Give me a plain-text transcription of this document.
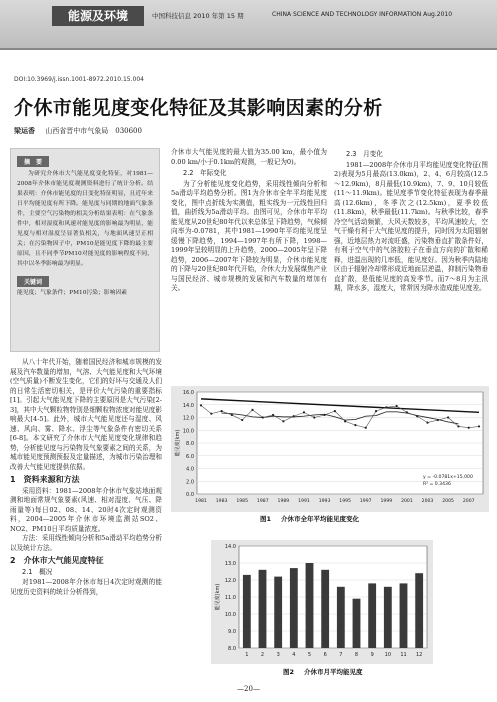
能源及环境	中国科技信息 2010 年第 15 期	CHINA SCIENCE AND TECHNOLOGY INFORMATION Aug.2010
DOI:10.3969/j.issn.1001-8972.2010.15.004
介休市能见度变化特征及其影响因素的分析
梁运香 山西省晋中市气象局　030600
摘　要

为研究介休市大气能见度变化特征，对1981—2008年介休市能见度观测资料进行了统计分析。结果表明：介休市能见度的日变化特征明显，且近年来日平均能见度有所下降。能见度与同期的地面气象条件，主要空气污染物的相关分析结果表明：在气象条件中，相对湿度和风速对能见度的影响最为明显，能见度与相对湿度呈显著负相关，与地面风速呈正相关；在污染物因子中，PM10是能见度下降的最主要原因，且不同季节PM10对能见度的影响程度不同，其中以冬季影响最为明显。

关键词

能见度；气象条件；PM10污染；影响因素

从八十年代开始，随着国民经济和城市规模的发展及汽车数量的增加，气溶、大气能见度和大气环境(空气质量)不断发生变化，它们的好坏与交通及人们的日常生活密切相关，是评价大气污染的重要指标[1]。引起大气能见度下降的主要原因是大气污染[2-3]，其中大气颗粒物特别是细颗粒物浓度对能见度影响最大[4-5]。此外，城市大气能见度还与湿度、风速、风向、雾、降水、浮尘等气象条件有密切关系[6-8]。本文研究了介休市大气能见度变化规律和趋势，分析能见度与污染物及气象要素之间的关系，为城市能见度预测预报及定量描述，为城市污染治理和改善大气能见度提供依据。

1　资料来源和方法

采用资料：1981—2008年介休市气象站地面观测和地面常规气象要素(风速、相对湿度、气压、降雨量等)每日02、08、14、20时4次定时观测资料，2004—2005年介休市环境监测站SO2、NO2、PM10日平均质量浓度。

方法：采用线性倾向分析和5a滑动平均趋势分析以及统计方法。

2　介休市大气能见度特征
2.1　概况

对1981—2008年介休市每日4次定时观测的能见度历史资料的统计分析得到，

介休市大气能见度的最大值为35.00 km，最小值为0.00 km/小于0.1km的观测，一般记为0)。

2.2　年际变化

为了分析能见度变化趋势，采用线性倾向分析和5a滑动平均趋势分析。图1为介休市全年平均能见度变化，图中点折线为实测值，粗实线为一元线性回归值，曲折线为5a滑动平均。由图可见，介休市年平均能见度从20世纪80年代以来总体呈下降趋势，气候倾向率为-0.0781，其中1981—1990年平均能见度呈缓慢下降趋势，1994—1997年有所下降，1998—1999年呈较明显的上升趋势，2000—2005年呈下降趋势，2006—2007年下降较为明显，介休市能见度的下降与20世纪80年代开始，介休大力发展煤焦产业与国民经济、城市规模的发展和汽车数量的增加有关。

2.3　月变化

1981—2008年介休市月平均能见度变化特征(图2)表现为5月最高(13.0km)，2、4、6月较高(12.5～12.9km)，8月最低(10.9km)，7、9、10月较低(11～11.9km)。能见度季节变化特征表现为春季最高(12.6km)，冬季次之(12.5km)，夏季较低(11.8km)，秋季最低(11.7km)。与秋季比较，春季冷空气活动频繁，大风天数较多，平均风速较大，空气干燥有利于大气能见度的提升，同时因为太阳辐射强，近地层热力对流旺盛，污染物垂直扩散条件好，有利于空气中的气溶胶粒子在垂直方向的扩散和稀释，进温出现的几率低，能见度好。因为秋季内陆地区由于辐射冷却常形成近地面层逆温，抑制污染物垂直扩散，是低能见度的高发季节。而7～8月为主汛期，降水多，湿度大，常常因为降水造成能见度差。

16.0
14.0
12.0
10.0
8.0
6.0
4.0
2.0
0.0
1981 1983 1985 1987 1989 1991 1993 1995 1997 1999 2001 2003 2005 2007
能见度(km)
y = -0.0781x+15.000
R² = 0.3436
图1 介休市全年平均能见度变化
14.0
13.0
12.0
11.0
10.0
9.0
8.0
能见度(km)
1 2 3 4 5 6 7 8 9 10 11 12
图2 介休市月平均能见度
—20—
